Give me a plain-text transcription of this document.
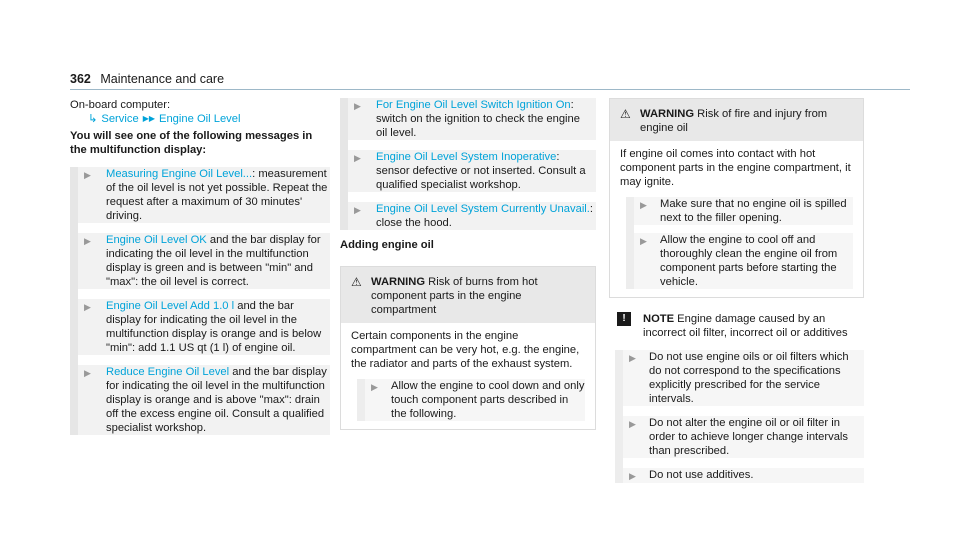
362 Maintenance and care

On-board computer:

↳ Service ▶▶ Engine Oil Level

You will see one of the following messages in the multifunction display:

▶	Measuring Engine Oil Level...: measurement of the oil level is not yet possible. Repeat the request after a maximum of 30 minutes' driving.
▶	Engine Oil Level OK and the bar display for indicating the oil level in the multifunction display is green and is between "min" and "max": the oil level is correct.
▶	Engine Oil Level Add 1.0 l and the bar display for indicating the oil level in the multifunction display is orange and is below "min": add 1.1 US qt (1 l) of engine oil.
▶	Reduce Engine Oil Level and the bar display for indicating the oil level in the multifunction display is orange and is above "max": drain off the excess engine oil. Consult a qualified specialist workshop.
▶	For Engine Oil Level Switch Ignition On: switch on the ignition to check the engine oil level.
▶	Engine Oil Level System Inoperative: sensor defective or not inserted. Consult a qualified specialist workshop.
▶	Engine Oil Level System Currently Unavail.: close the hood.

Adding engine oil

⚠ WARNING Risk of burns from hot component parts in the engine compartment

Certain components in the engine compartment can be very hot, e.g. the engine, the radiator and parts of the exhaust system.

▶	Allow the engine to cool down and only touch component parts described in the following.
⚠ WARNING Risk of fire and injury from engine oil

If engine oil comes into contact with hot component parts in the engine compartment, it may ignite.

▶	Make sure that no engine oil is spilled next to the filler opening.
▶	Allow the engine to cool off and thoroughly clean the engine oil from component parts before starting the vehicle.
!	NOTE Engine damage caused by an incorrect oil filter, incorrect oil or additives
▶	Do not use engine oils or oil filters which do not correspond to the specifications explicitly prescribed for the service intervals.
▶	Do not alter the engine oil or oil filter in order to achieve longer change intervals than prescribed.
▶	Do not use additives.
